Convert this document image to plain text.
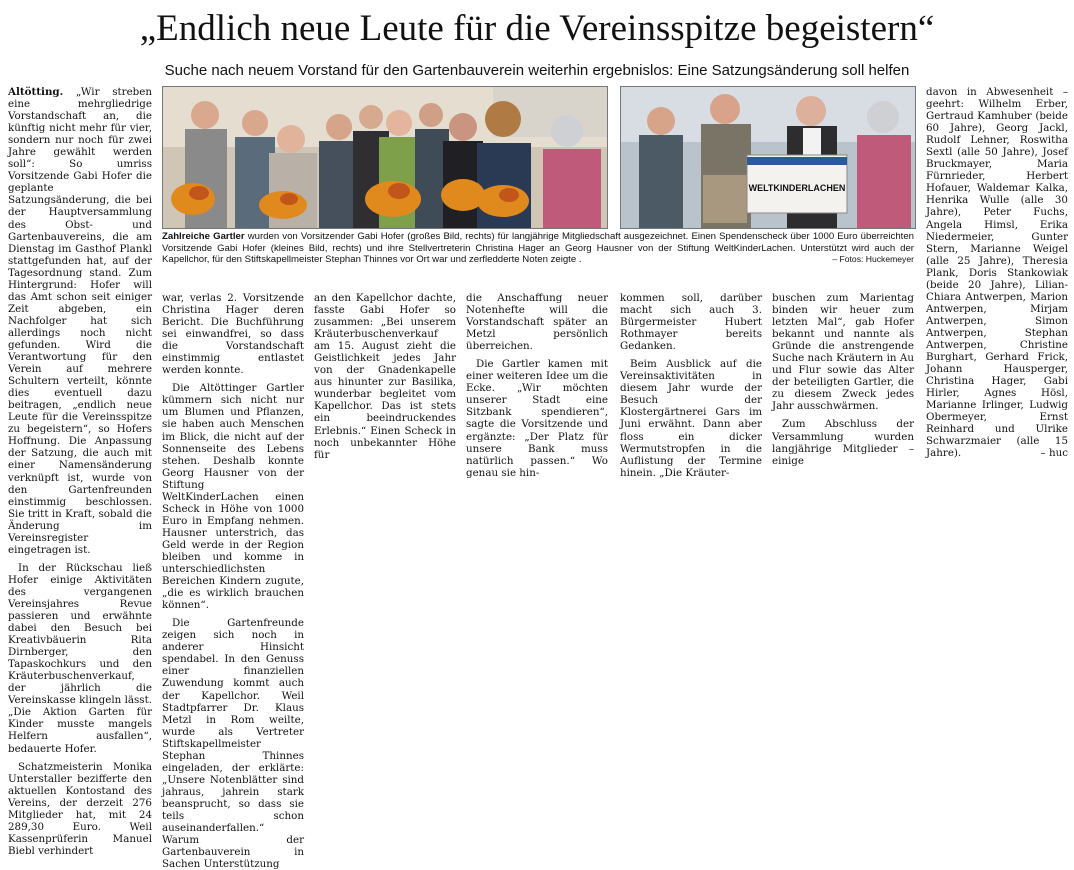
„Endlich neue Leute für die Vereinsspitze begeistern“
Suche nach neuem Vorstand für den Gartenbauverein weiterhin ergebnislos: Eine Satzungsänderung soll helfen
WELTKINDERLACHEN
Zahlreiche Gartler wurden von Vorsitzender Gabi Hofer (großes Bild, rechts) für langjährige Mitgliedschaft ausgezeichnet. Einen Spendenscheck über 1000 Euro überreichten Vorsitzende Gabi Hofer (kleines Bild, rechts) und ihre Stellvertreterin Christina Hager an Georg Hausner von der Stiftung WeltKinderLachen. Unterstützt wird auch der Kapellchor, für den Stiftskapellmeister Stephan Thinnes vor Ort war und zerfledderte Noten zeigte .	– Fotos: Huckemeyer

Altötting. „Wir streben eine mehrgliedrige Vorstandschaft an, die künftig nicht mehr für vier, sondern nur noch für zwei Jahre gewählt werden soll“: So umriss Vorsitzende Gabi Hofer die geplante Satzungsänderung, die bei der Hauptversammlung des Obst- und Gartenbauvereins, die am Dienstag im Gasthof Plankl stattgefunden hat, auf der Tagesordnung stand. Zum Hintergrund: Hofer will das Amt schon seit einiger Zeit abgeben, ein Nachfolger hat sich allerdings noch nicht gefunden. Wird die Verantwortung für den Verein auf mehrere Schultern verteilt, könnte dies eventuell dazu beitragen, „endlich neue Leute für die Vereinsspitze zu begeistern“, so Hofers Hoffnung. Die Anpassung der Satzung, die auch mit einer Namensänderung verknüpft ist, wurde von den Gartenfreunden einstimmig beschlossen. Sie tritt in Kraft, sobald die Änderung im Vereinsregister eingetragen ist.

In der Rückschau ließ Hofer einige Aktivitäten des vergangenen Vereinsjahres Revue passieren und erwähnte dabei den Besuch bei Kreativbäuerin Rita Dirnberger, den Tapaskochkurs und den Kräuterbuschenverkauf, der jährlich die Vereinskasse klingeln lässt. „Die Aktion Garten für Kinder musste mangels Helfern ausfallen“, bedauerte Hofer.

Schatzmeisterin Monika Unterstaller bezifferte den aktuellen Kontostand des Vereins, der derzeit 276 Mitglieder hat, mit 24 289,30 Euro. Weil Kassenprüferin Manuel Biebl verhindert

war, verlas 2. Vorsitzende Christina Hager deren Bericht. Die Buchführung sei einwandfrei, so dass die Vorstandschaft einstimmig entlastet werden konnte.

Die Altöttinger Gartler kümmern sich nicht nur um Blumen und Pflanzen, sie haben auch Menschen im Blick, die nicht auf der Sonnenseite des Lebens stehen. Deshalb konnte Georg Hausner von der Stiftung WeltKinderLachen einen Scheck in Höhe von 1000 Euro in Empfang nehmen. Hausner unterstrich, das Geld werde in der Region bleiben und komme in unterschiedlichsten Bereichen Kindern zugute, „die es wirklich brauchen können“.

Die Gartenfreunde zeigen sich noch in anderer Hinsicht spendabel. In den Genuss einer finanziellen Zuwendung kommt auch der Kapellchor. Weil Stadtpfarrer Dr. Klaus Metzl in Rom weilte, wurde als Vertreter Stiftskapellmeister Stephan Thinnes eingeladen, der erklärte: „Unsere Notenblätter sind jahraus, jahrein stark beansprucht, so dass sie teils schon auseinanderfallen.“ Warum der Gartenbauverein in Sachen Unterstützung

an den Kapellchor dachte, fasste Gabi Hofer so zusammen: „Bei unserem Kräuterbuschenverkauf am 15. August zieht die Geistlichkeit jedes Jahr von der Gnadenkapelle aus hinunter zur Basilika, wunderbar begleitet vom Kapellchor. Das ist stets ein beeindruckendes Erlebnis.“ Einen Scheck in noch unbekannter Höhe für

die Anschaffung neuer Notenhefte will die Vorstandschaft später an Metzl persönlich überreichen.

Die Gartler kamen mit einer weiteren Idee um die Ecke. „Wir möchten unserer Stadt eine Sitzbank spendieren“, sagte die Vorsitzende und ergänzte: „Der Platz für unsere Bank muss natürlich passen.“ Wo genau sie hin-

kommen soll, darüber macht sich auch 3. Bürgermeister Hubert Rothmayer bereits Gedanken.

Beim Ausblick auf die Vereinsaktivitäten in diesem Jahr wurde der Besuch der Klostergärtnerei Gars im Juni erwähnt. Dann aber floss ein dicker Wermutstropfen in die Auflistung der Termine hinein. „Die Kräuter-

buschen zum Marientag binden wir heuer zum letzten Mal“, gab Hofer bekannt und nannte als Gründe die anstrengende Suche nach Kräutern in Au und Flur sowie das Alter der beteiligten Gartler, die zu diesem Zweck jedes Jahr ausschwärmen.

Zum Abschluss der Versammlung wurden langjährige Mitglieder – einige

davon in Abwesenheit – geehrt: Wilhelm Erber, Gertraud Kamhuber (beide 60 Jahre), Georg Jackl, Rudolf Lehner, Roswitha Sextl (alle 50 Jahre), Josef Bruckmayer, Maria Fürnrieder, Herbert Hofauer, Waldemar Kalka, Henrika Wulle (alle 30 Jahre), Peter Fuchs, Angela Himsl, Erika Niedermeier, Gunter Stern, Marianne Weigel (alle 25 Jahre), Theresia Plank, Doris Stankowiak (beide 20 Jahre), Lilian-Chiara Antwerpen, Marion Antwerpen, Mirjam Antwerpen, Simon Antwerpen, Stephan Antwerpen, Christine Burghart, Gerhard Frick, Johann Hausperger, Christina Hager, Gabi Hirler, Agnes Hösl, Marianne Irlinger, Ludwig Obermeyer, Ernst Reinhard und Ulrike Schwarzmaier (alle 15 Jahre).	– huc
